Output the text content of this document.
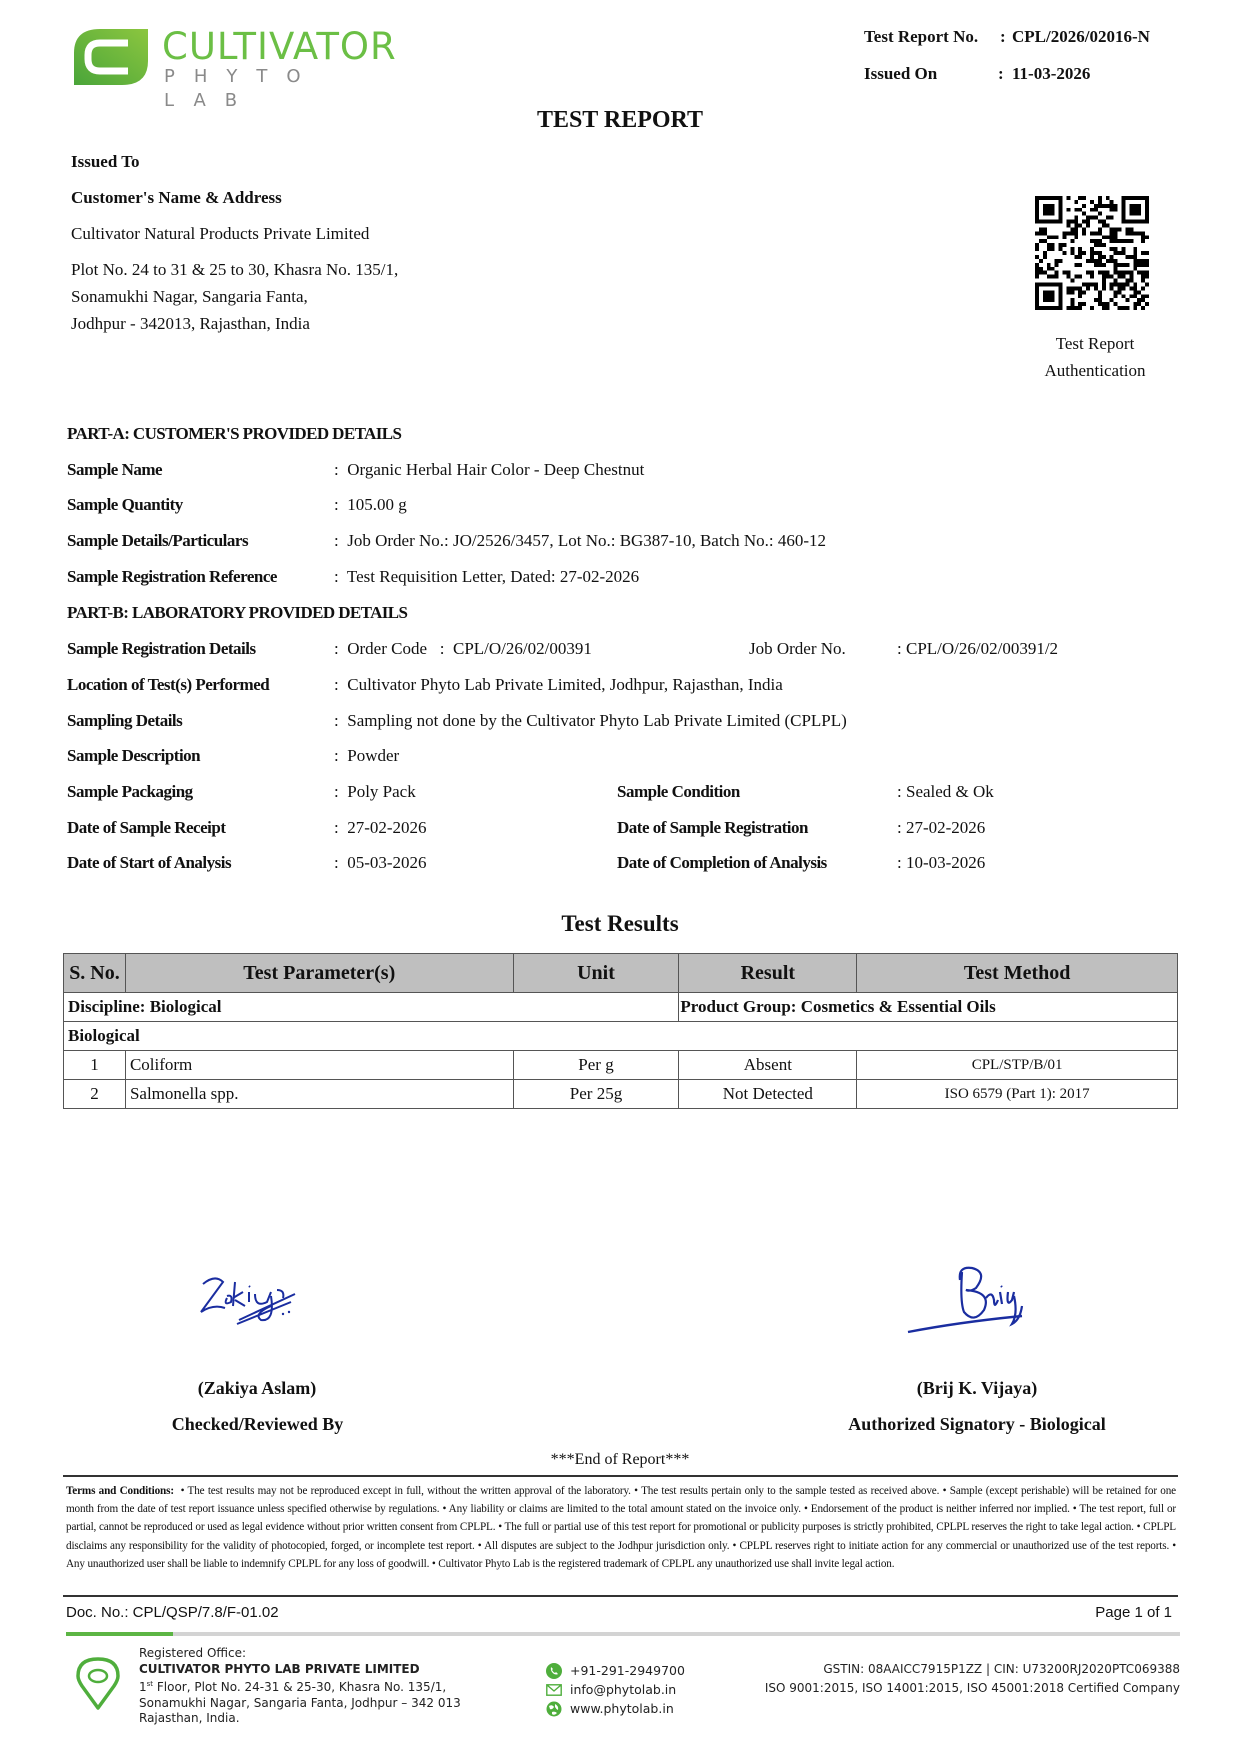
CULTIVATOR
PHYTO LAB
Test Report No. : CPL/2026/02016-N
Issued On	: 11-03-2026
TEST REPORT
Issued To
Customer's Name & Address
Cultivator Natural Products Private Limited
Plot No. 24 to 31 & 25 to 30, Khasra No. 135/1,
Sonamukhi Nagar, Sangaria Fanta,
Jodhpur - 342013, Rajasthan, India
Test Report
Authentication
PART-A: CUSTOMER'S PROVIDED DETAILS
Sample Name	:  Organic Herbal Hair Color - Deep Chestnut
Sample Quantity	:  105.00 g
Sample Details/Particulars	:  Job Order No.: JO/2526/3457, Lot No.: BG387-10, Batch No.: 460-12
Sample Registration Reference	:  Test Requisition Letter, Dated: 27-02-2026
PART-B: LABORATORY PROVIDED DETAILS
Sample Registration Details	:  Order Code   :  CPL/O/26/02/00391	Job Order No.	: CPL/O/26/02/00391/2
Location of Test(s) Performed	:  Cultivator Phyto Lab Private Limited, Jodhpur, Rajasthan, India
Sampling Details	:  Sampling not done by the Cultivator Phyto Lab Private Limited (CPLPL)
Sample Description	:  Powder
Sample Packaging	:  Poly Pack	Sample Condition	: Sealed & Ok
Date of Sample Receipt	:  27-02-2026	Date of Sample Registration	: 27-02-2026
Date of Start of Analysis	:  05-03-2026	Date of Completion of Analysis	: 10-03-2026
Test Results
S. No.	Test Parameter(s)	Unit	Result	Test Method
Discipline: Biological			Product Group: Cosmetics & Essential Oils	
Biological				
1	Coliform	Per g	Absent	CPL/STP/B/01
2	Salmonella spp.	Per 25g	Not Detected	ISO 6579 (Part 1): 2017
(Zakiya Aslam)
Checked/Reviewed By
(Brij K. Vijaya)
Authorized Signatory - Biological
***End of Report***
Terms and Conditions: • The test results may not be reproduced except in full, without the written approval of the laboratory. • The test results pertain only to the sample tested as received above. • Sample (except perishable) will be retained for one month from the date of test report issuance unless specified otherwise by regulations. • Any liability or claims are limited to the total amount stated on the invoice only. • Endorsement of the product is neither inferred nor implied. • The test report, full or partial, cannot be reproduced or used as legal evidence without prior written consent from CPLPL. • The full or partial use of this test report for promotional or publicity purposes is strictly prohibited, CPLPL reserves the right to take legal action. • CPLPL disclaims any responsibility for the validity of photocopied, forged, or incomplete test report. • All disputes are subject to the Jodhpur jurisdiction only. • CPLPL reserves right to initiate action for any commercial or unauthorized use of the test reports. • Any unauthorized user shall be liable to indemnify CPLPL for any loss of goodwill. • Cultivator Phyto Lab is the registered trademark of CPLPL any unauthorized use shall invite legal action.
Doc. No.: CPL/QSP/7.8/F-01.02	Page 1 of 1
Registered Office:
CULTIVATOR PHYTO LAB PRIVATE LIMITED
1st Floor, Plot No. 24-31 & 25-30, Khasra No. 135/1,
Sonamukhi Nagar, Sangaria Fanta, Jodhpur – 342 013
Rajasthan, India.
+91-291-2949700
info@phytolab.in
www.phytolab.in
GSTIN: 08AAICC7915P1ZZ | CIN: U73200RJ2020PTC069388
ISO 9001:2015, ISO 14001:2015, ISO 45001:2018 Certified Company
